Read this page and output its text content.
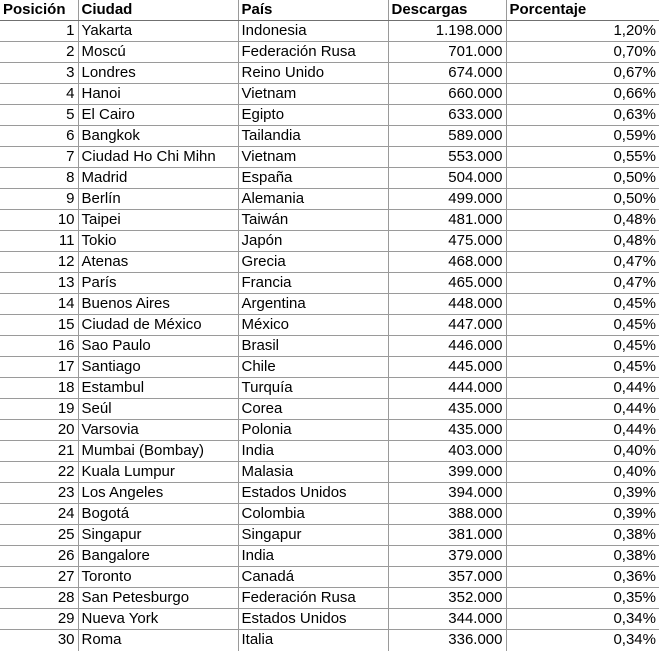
Posición	Ciudad	País	Descargas	Porcentaje
1	Yakarta	Indonesia	1.198.000	1,20%
2	Moscú	Federación Rusa	701.000	0,70%
3	Londres	Reino Unido	674.000	0,67%
4	Hanoi	Vietnam	660.000	0,66%
5	El Cairo	Egipto	633.000	0,63%
6	Bangkok	Tailandia	589.000	0,59%
7	Ciudad Ho Chi Mihn	Vietnam	553.000	0,55%
8	Madrid	España	504.000	0,50%
9	Berlín	Alemania	499.000	0,50%
10	Taipei	Taiwán	481.000	0,48%
11	Tokio	Japón	475.000	0,48%
12	Atenas	Grecia	468.000	0,47%
13	París	Francia	465.000	0,47%
14	Buenos Aires	Argentina	448.000	0,45%
15	Ciudad de México	México	447.000	0,45%
16	Sao Paulo	Brasil	446.000	0,45%
17	Santiago	Chile	445.000	0,45%
18	Estambul	Turquía	444.000	0,44%
19	Seúl	Corea	435.000	0,44%
20	Varsovia	Polonia	435.000	0,44%
21	Mumbai (Bombay)	India	403.000	0,40%
22	Kuala Lumpur	Malasia	399.000	0,40%
23	Los Angeles	Estados Unidos	394.000	0,39%
24	Bogotá	Colombia	388.000	0,39%
25	Singapur	Singapur	381.000	0,38%
26	Bangalore	India	379.000	0,38%
27	Toronto	Canadá	357.000	0,36%
28	San Petesburgo	Federación Rusa	352.000	0,35%
29	Nueva York	Estados Unidos	344.000	0,34%
30	Roma	Italia	336.000	0,34%
